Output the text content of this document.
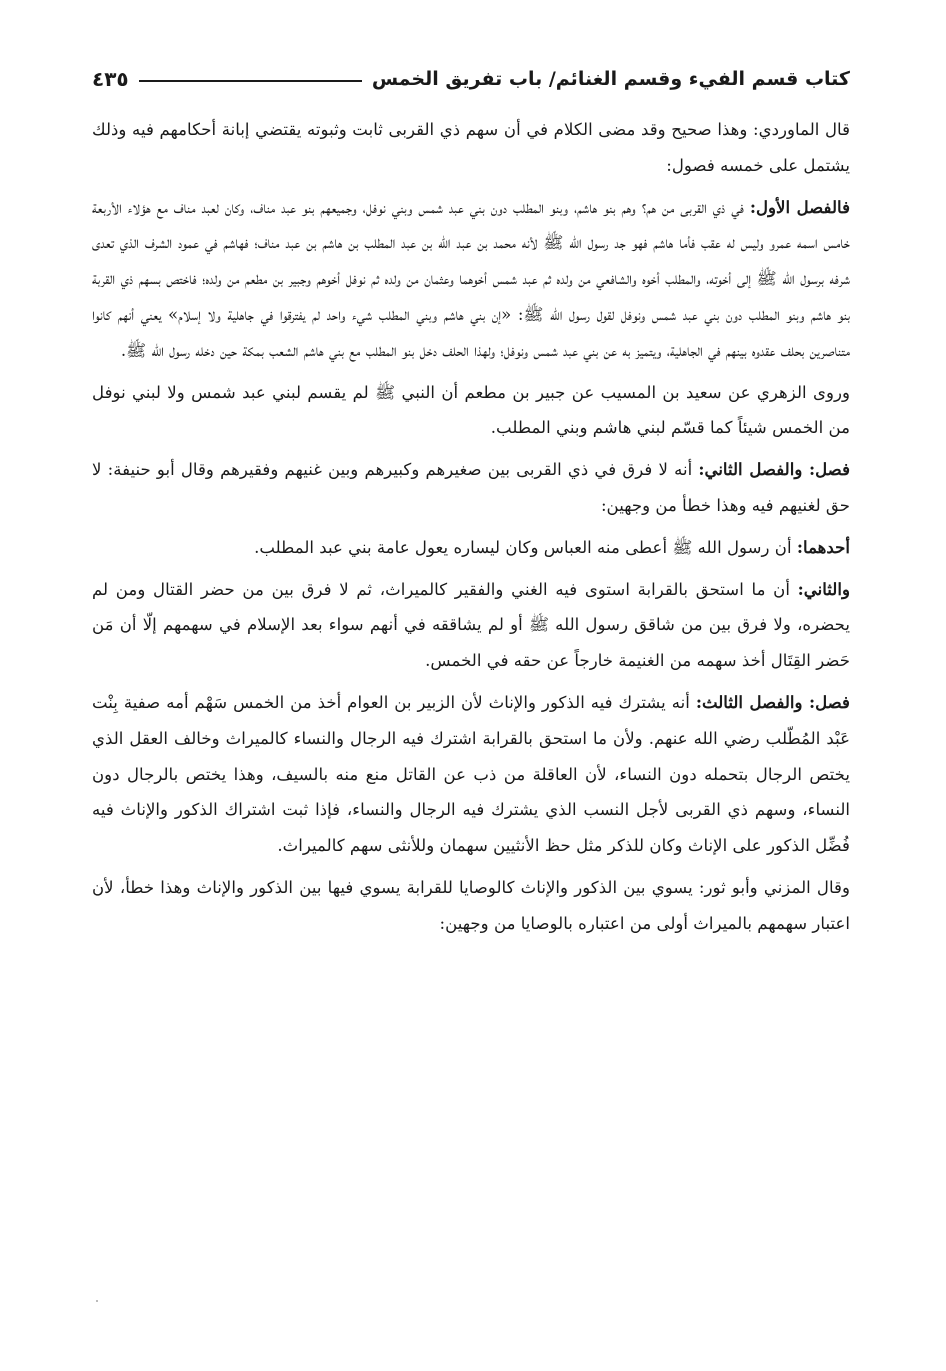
كتاب قسم الفيء وقسم الغنائم/ باب تفريق الخمس
٤٣٥

قال الماوردي: وهذا صحيح وقد مضى الكلام في أن سهم ذي القربى ثابت وثبوته يقتضي إبانة أحكامهم فيه وذلك يشتمل على خمسه فصول:

فالفصل الأول: في ذي القربى من هم؟ وهم بنو هاشم، وبنو المطلب دون بني عبد شمس وبني نوفل، وجميعهم بنو عبد مناف، وكان لعبد مناف مع هؤلاء الأربعة خامس اسمه عمرو وليس له عقب فأما هاشم فهو جد رسول الله ﷺ لأنه محمد بن عبد الله بن عبد المطلب بن هاشم بن عبد مناف؛ فهاشم في عمود الشرف الذي تعدى شرفه برسول الله ﷺ إلى أخوته، والمطلب أخوه والشافعي من ولده ثم عبد شمس أخوهما وعثمان من ولده ثم نوفل أخوهم وجبير بن مطعم من ولده؛ فاختص بسهم ذي القربة بنو هاشم وبنو المطلب دون بني عبد شمس ونوفل لقول رسول الله ﷺ: «إن بني هاشم وبني المطلب شيء واحد لم يفترقوا في جاهلية ولا إسلام» يعني أنهم كانوا متناصرين بحلف عقدوه بينهم في الجاهلية، ويتميز به عن بني عبد شمس ونوفل؛ ولهذا الحلف دخل بنو المطلب مع بني هاشم الشعب بمكة حين دخله رسول الله ﷺ.

وروى الزهري عن سعيد بن المسيب عن جبير بن مطعم أن النبي ﷺ لم يقسم لبني عبد شمس ولا لبني نوفل من الخمس شيئاً كما قسّم لبني هاشم وبني المطلب.

فصل: والفصل الثاني: أنه لا فرق في ذي القربى بين صغيرهم وكبيرهم وبين غنيهم وفقيرهم وقال أبو حنيفة: لا حق لغنيهم فيه وهذا خطأ من وجهين:

أحدهما: أن رسول الله ﷺ أعطى منه العباس وكان ليساره يعول عامة بني عبد المطلب.

والثاني: أن ما استحق بالقرابة استوى فيه الغني والفقير كالميراث، ثم لا فرق بين من حضر القتال ومن لم يحضره، ولا فرق بين من شاقق رسول الله ﷺ أو لم يشاققه في أنهم سواء بعد الإسلام في سهمهم إلّا أن مَن حَضر القِتَال أخذ سهمه من الغنيمة خارجاً عن حقه في الخمس.

فصل: والفصل الثالث: أنه يشترك فيه الذكور والإناث لأن الزبير بن العوام أخذ من الخمس سَهْم أمه صفية بِنْت عَبْد المُطّلب رضي الله عنهم. ولأن ما استحق بالقرابة اشترك فيه الرجال والنساء كالميراث وخالف العقل الذي يختص الرجال بتحمله دون النساء، لأن العاقلة من ذب عن القاتل منع منه بالسيف، وهذا يختص بالرجال دون النساء، وسهم ذي القربى لأجل النسب الذي يشترك فيه الرجال والنساء، فإذا ثبت اشتراك الذكور والإناث فيه فُضِّل الذكور على الإناث وكان للذكر مثل حظ الأنثيين سهمان وللأنثى سهم كالميراث.

وقال المزني وأبو ثور: يسوي بين الذكور والإناث كالوصايا للقرابة يسوي فيها بين الذكور والإناث وهذا خطأ، لأن اعتبار سهمهم بالميراث أولى من اعتباره بالوصايا من وجهين:
